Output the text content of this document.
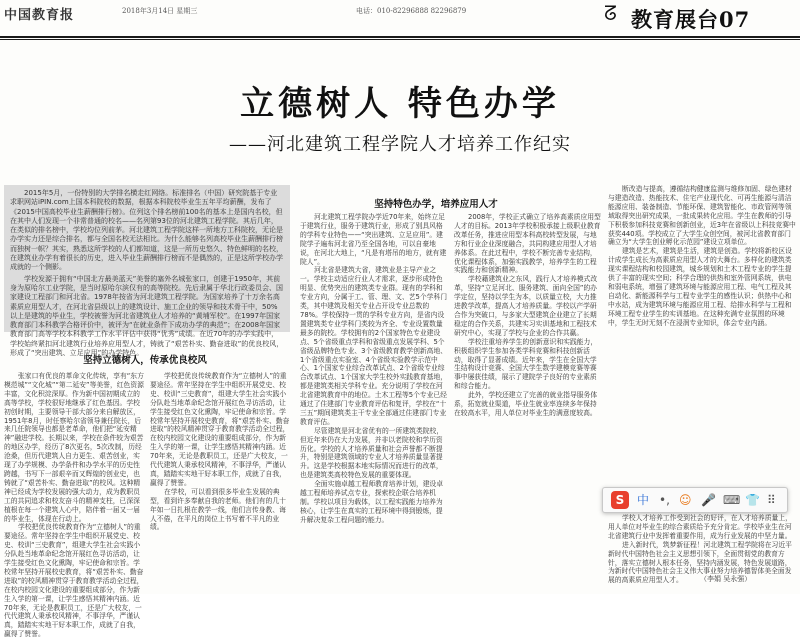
中国教育报	2018年3月14日 星期三	电话：010-82296888 82296879	ᘔ 教育展台07
立德树人 特色办学
——河北建筑工程学院人才培养工作纪实

2015年5月，一份特别的大学排名横走红网络。标准排名（中国）研究院基于专业求职网站iPIN.com上国本科院校的数据，根据本科院校毕业生五年平均薪酬，发布了《2015中国高校毕业生薪酬排行榜》。位列这个排名榜前100名的基本上是国内名校，但在其中人们发现一个非常普通的校名——名列第93位的河北建筑工程学院。其后几年，在类似的排名榜中，学校均位列前茅。河北建筑工程学院这样一所地方工科院校，无论是办学实力还是综合排名，都与全国名校无法相比。为什么能够名列高校毕业生薪酬排行榜而独树一帜？其实，熟悉这所学校的人们都知道，这是一所历史悠久、特色鲜明的名校，在建筑业办学有着很长的历史，进入毕业生薪酬排行榜而不是偶然的，正是这所学校办学成就的一个侧影。

学校发源于拥有“中国北方最美蓝天”美誉的塞外名城张家口，创建于1950年，其前身为原哈尔工业学院，是当时原哈尔滨仅有的高等院校。先后隶属于华北行政委员会、国家建设工程部门和河北省。1978年按省为河北建筑工程学院。为国家培养了十万余名高素质应用型人才，在河北省县级以上的建筑设计、施工企业的领导和技术骨干中，50%以上是建筑的毕业生，学校被誉为河北省建筑业人才培养的“黄埔军校”。在1997年国家教育部门本科教学合格评价中，被评为“在就业条件下成功办学的典范”；在2008年国家教育部门高等学校本科教学工作水平评估中获得“优秀”成绩。在近70年的办学实践中，学校始终紧扣河北建筑行业培养应用型人才，铸就了“艰苦朴实、勤奋进取”的优良校风，形成了“突出建筑、立足应用”的办学特色。

坚持立德树人，传承优良校风
坚持特色办学，培养应用人才

张家口有优良的革命文化传统，享有“东方模范城”“文化城”“第二延安”等美誉，红色资源丰富，文化积淀深厚。作为新中国初期成立的高等学校，学校很好地继承了红色基因。学校初创时期，主要领导干部大部分来自解放区，1951年8月，时任察哈尔省领导兼任院长，后来几任院领导也都是老革命，他们把“延安精神”融进学校。长期以来，学校在条件较为艰苦的地区办学，经历了8次更名，5次改制，历经沧桑，但历代建筑人自力更生、艰苦创业，实现了办学规模、办学条件和办学水平的历史性跨越，书写下一部艰辛而又辉煌的创业史，也铸就了“艰苦朴实、勤奋进取”的校风。这种精神已经成为学校发展的强大动力，成为教职员工的共同追求和校友奋斗的精神支柱，已深深植根在每一个建筑人心中，陪伴着一届又一届的毕业生，体现在行动上。

学校把优良传统教育作为“立德树人”的重要途径。常年坚持在学生中组织开展党史、校史、校训“三史教育”，组建大学生社会实践小分队赴当地革命纪念馆开展红色寻访活动，让学生接受红色文化熏陶，牢记使命和宗旨。学校常年坚持开展校史教育，将“艰苦朴实、勤奋进取”的校风精神贯穿于教育教学活动全过程，在校内校园文化建设的重要组成部分，作为新生入学的第一课，让学生感悟其精神内涵。近70年来，无论是教职员工，还是广大校友，一代代建筑人秉承校风精神，不事浮华，严谨认真，踏踏实实地干好本职工作，成就了自我，赢得了赞誉。

学校把优良传统教育作为“立德树人”的重要途径。常年坚持在学生中组织开展党史、校史、校训“三史教育”，组建大学生社会实践小分队赴当地革命纪念馆开展红色寻访活动，让学生接受红色文化熏陶，牢记使命和宗旨。学校常年坚持开展校史教育，将“艰苦朴实、勤奋进取”的校风精神贯穿于教育教学活动全过程，在校内校园文化建设的重要组成部分，作为新生入学的第一课，让学生感悟其精神内涵。近70年来，无论是教职员工，还是广大校友，一代代建筑人秉承校风精神，不事浮华，严谨认真，踏踏实实地干好本职工作，成就了自我，赢得了赞誉。

在学校，可以看到很多毕业生发展的典型，看到许多奉献自我的老师。他们有的几十年如一日扎根在教学一线，他们言传身教、诲人不倦，在平凡的岗位上书写着不平凡的业绩。

河北建筑工程学院办学近70年来，始终立足于建筑行业，服务于建筑行业，形成了别具风格的学科专业特色——“突出建筑、立足应用”。建院学子遍布河北省乃至全国各地，可以自豪地说，在河北大地上，“凡是有塔吊的地方，就有建院人”。

河北省是建筑大省，建筑业是主导产业之一。学校主动适应行业人才需求，逐步形成特色明显、优势突出的建筑类专业群。现有的学科和专业方向，分属于工、管、理、文、艺5个学科门类，其中建筑及相关专业占开设专业总数的78%。学校保持一贯的学科专业方向，是省内设置建筑类专业学科门类较为齐全、专业设置数量最多的院校。学校拥有的2个国家特色专业建设点、5个省级重点学科和省级重点发展学科、5个省级品牌特色专业、3个省级教育教学创新高地、1个省级重点实验室、4个省级实验教学示范中心、1个国家专业综合改革试点、2个省级专业综合改革试点、1个国家大学生校外实践教育基地，都是建筑类相关学科专业。充分说明了学校在河北省建筑教育中的地位。土木工程等5个专业已经通过了住建部门专业教育评估和复评，学校在“十三五”期间建筑类主干专业全部通过住建部门专业教育评估。

尽管建筑是河北省优有的一所建筑类院校，但近年来仍在大力发展，并非以老院校和学历资历化。学校的人才培养质量和社会声誉都不断提升，特别是建筑领域的专业人才培养质量显著提升。这是学校根据本地实际情况而进行的改革，也是建筑类高校特色发展的重要体现。

全面实施卓越工程师教育培养计划，建设卓越工程师培养试点专业，探索校企联合培养机制。学校以项目为载体，以工程实践能力培养为核心，让学生在真实的工程环境中得到锻炼，提升解决复杂工程问题的能力。

2008年，学校正式确立了培养高素质应用型人才的目标。2013年学校积极承接上级职业教育改革任务，推进应用型本科高校转型发展，与地方和行业企业深度融合，共同构建应用型人才培养体系。在此过程中，学校不断完善专业结构，优化课程体系，加强实践教学，培养学生的工程实践能力和创新精神。

学校藉建筑业之东风，践行人才培养模式改革，坚持“立足河北、服务建筑、面向全国”的办学定位，坚持以学生为本，以质量立校，大力推进教学改革，提高人才培养质量。学校以产学研合作为突破口，与多家大型建筑企业建立了长期稳定的合作关系，共建实习实训基地和工程技术研究中心，实现了学校与企业的合作共赢。

学校注重培养学生的创新意识和实践能力，积极组织学生参加各类学科竞赛和科技创新活动，取得了显著成绩。近年来，学生在全国大学生结构设计竞赛、全国大学生数学建模竞赛等赛事中屡获佳绩，展示了建院学子良好的专业素质和综合能力。

此外，学校还建立了完善的就业指导服务体系，拓宽就业渠道，毕业生就业率连续多年保持在较高水平，用人单位对毕业生的满意度较高。

断改造与提高，遵循结构健康监测与维修加固、绿色建材与建造改造、热能技术、住宅产业现代化、可再生能源与清洁能源应用、装备制造、节能环保、建筑智能化、市政管网等领域取得突出研究成果，一批成果转化应用。学生在教师的引导下积极参加科技竞赛和创新创业，近3年在省级以上科技竞赛中获奖440项。学校成立了大学生众创空间，被河北省教育部门确立为“大学生创业孵化示范园”建设立项单位。

建筑是艺术，建筑是生活，建筑是创造。学校将新校区设计成学生成长为高素质应用型人才的大舞台。多样化的建筑类现实课程结构和校园建筑，城乡规划和土木工程专业的学生提供了丰富的现实空间；科学合理的供热和室外管网系统，供电和弱电系统，增强了建筑环境与能源应用工程、电气工程及其自动化、新能源科学与工程专业学生的感性认识；供热中心和中水站，成为建筑环境与能源应用工程、给排水科学与工程和环境工程专业学生的实训基地。在这种充满专业氛围的环境中，学生无时无刻不在浸润专业知识，体会专业内涵。

学校人才培养工作受到社会的好评，在人才培养质量上，用人单位对毕业生的综合素质给予充分肯定。学校毕业生在河北省建筑行业中发挥着重要作用，成为行业发展的中坚力量。

进入新时代，筑梦新征程！河北建筑工程学院将在习近平新时代中国特色社会主义思想引领下，全面贯彻党的教育方针，落实立德树人根本任务，坚持内涵发展，特色发展道路，为新时代中国特色社会主义伟大事业努力培养德智体美全面发展的高素质应用型人才。	（李娟 吴永强）
S	中 •, ☺ 🎤 ⌨ 👕 ⠿
